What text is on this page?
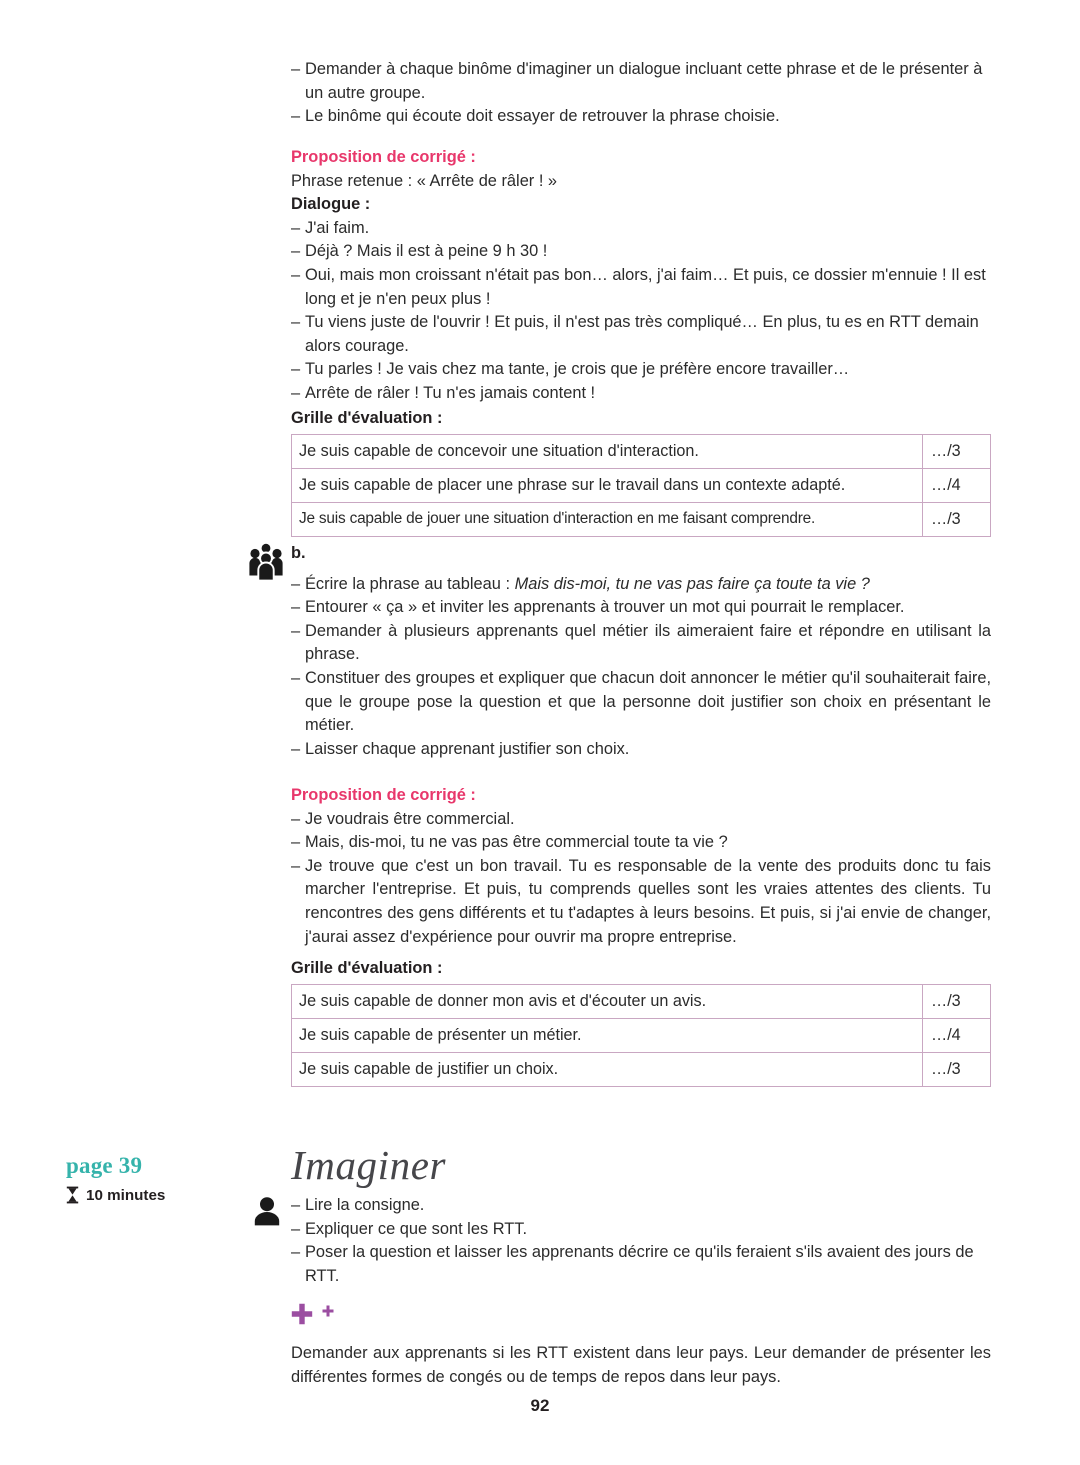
– Demander à chaque binôme d'imaginer un dialogue incluant cette phrase et de le présenter à un autre groupe.
– Le binôme qui écoute doit essayer de retrouver la phrase choisie.

Proposition de corrigé :

Phrase retenue : « Arrête de râler ! »

Dialogue :

– J'ai faim.
– Déjà ? Mais il est à peine 9 h 30 !
– Oui, mais mon croissant n'était pas bon… alors, j'ai faim… Et puis, ce dossier m'ennuie ! Il est long et je n'en peux plus !
– Tu viens juste de l'ouvrir ! Et puis, il n'est pas très compliqué… En plus, tu es en RTT demain alors courage.
– Tu parles ! Je vais chez ma tante, je crois que je préfère encore travailler…
– Arrête de râler ! Tu n'es jamais content !
Grille d'évaluation :
Je suis capable de concevoir une situation d'interaction.	…/3
Je suis capable de placer une phrase sur le travail dans un contexte adapté.	…/4
Je suis capable de jouer une situation d'interaction en me faisant comprendre.	…/3

b.

– Écrire la phrase au tableau : Mais dis-moi, tu ne vas pas faire ça toute ta vie ?
– Entourer « ça » et inviter les apprenants à trouver un mot qui pourrait le remplacer.
– Demander à plusieurs apprenants quel métier ils aimeraient faire et répondre en utilisant la phrase.
– Constituer des groupes et expliquer que chacun doit annoncer le métier qu'il souhaiterait faire, que le groupe pose la question et que la personne doit justifier son choix en présentant le métier.
– Laisser chaque apprenant justifier son choix.

Proposition de corrigé :

– Je voudrais être commercial.
– Mais, dis-moi, tu ne vas pas être commercial toute ta vie ?
– Je trouve que c'est un bon travail. Tu es responsable de la vente des produits donc tu fais marcher l'entreprise. Et puis, tu comprends quelles sont les vraies attentes des clients. Tu rencontres des gens différents et tu t'adaptes à leurs besoins. Et puis, si j'ai envie de changer, j'aurai assez d'expérience pour ouvrir ma propre entreprise.
Grille d'évaluation :
Je suis capable de donner mon avis et d'écouter un avis.	…/3
Je suis capable de présenter un métier.	…/4
Je suis capable de justifier un choix.	…/3
page 39
10 minutes
Imaginer
– Lire la consigne.
– Expliquer ce que sont les RTT.
– Poser la question et laisser les apprenants décrire ce qu'ils feraient s'ils avaient des jours de RTT.

Demander aux apprenants si les RTT existent dans leur pays. Leur demander de présenter les différentes formes de congés ou de temps de repos dans leur pays.

92
